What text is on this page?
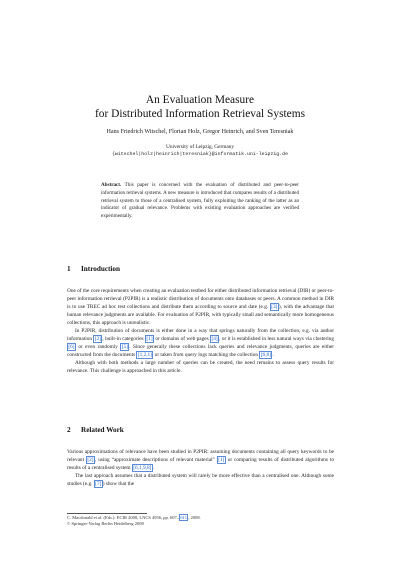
An Evaluation Measure
for Distributed Information Retrieval Systems
Hans Friedrich Witschel, Florian Holz, Gregor Heinrich, and Sven Teresniak
University of Leipzig, Germany
{witschel|holz|heinrich|teresniak}@informatik.uni-leipzig.de
Abstract. This paper is concerned with the evaluation of distributed and peer-to-peer information retrieval systems. A new measure is introduced that compares results of a distributed retrieval system to those of a centralised system, fully exploiting the ranking of the latter as an indicator of gradual relevance. Problems with existing evaluation approaches are verified experimentally.
1 Introduction

One of the core requirements when creating an evaluation testbed for either distributed information retrieval (DIR) or peer-to-peer information retrieval (P2PIR) is a realistic distribution of documents onto databases or peers. A common method in DIR is to use TREC ad hoc test collections and distribute them according to source and date (e.g. [3]), with the advantage that human relevance judgments are available. For evaluation of P2PIR, with typically small and semantically more homogeneous collections, this approach is unrealistic.

In P2PIR, distribution of documents is either done in a way that springs naturally from the collection, e.g. via author information [2], built-in categories [1] or domains of web pages [4], or it is established in less natural ways via clustering [6] or even randomly [5]. Since generally these collections lack queries and relevance judgments, queries are either constructed from the documents [1,2,1] or taken from query logs matching the collection [6,8].

Although with both methods a large number of queries can be created, the need remains to assess query results for relevance. This challenge is approached in this article.

2 Related Work

Various approximations of relevance have been studied in P2PIR: assuming documents containing all query keywords to be relevant [2], using “approximate descriptions of relevant material” [1] or comparing results of distributed algorithms to results of a centralised system [6,1,9,8].

The last approach assumes that a distributed system will rarely be more effective than a centralised one. Although some studies (e.g. [7]) show that the

C. Macdonald et al. (Eds.): ECIR 2008, LNCS 4956, pp. 607–611, 2008.
© Springer-Verlag Berlin Heidelberg 2008
